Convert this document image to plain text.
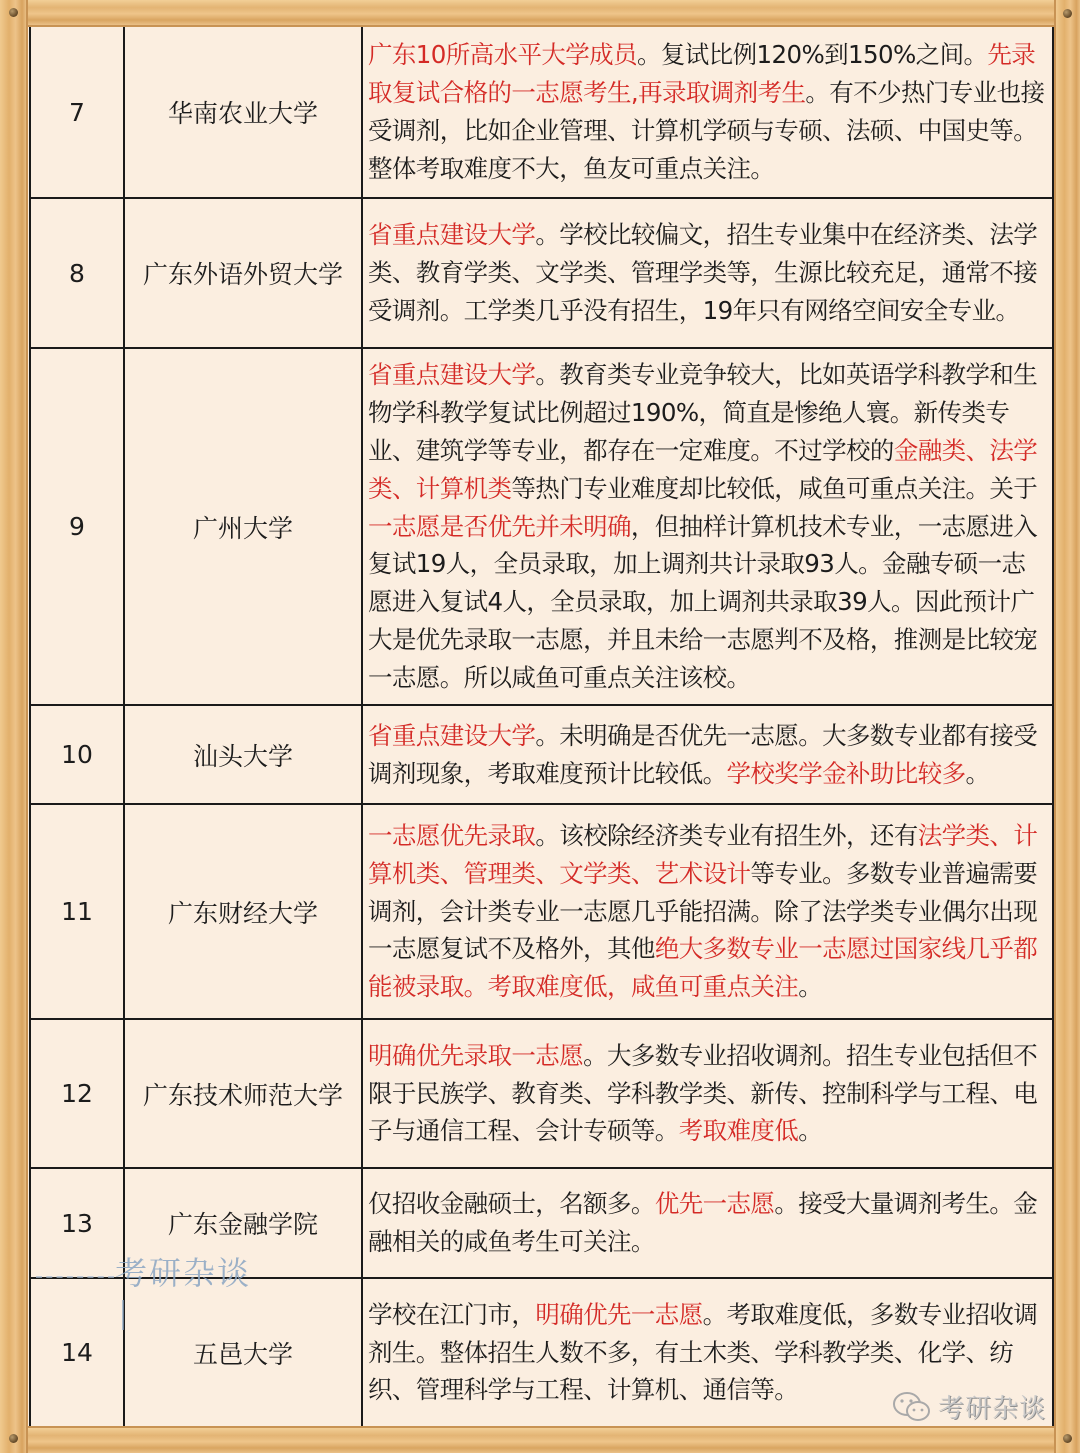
7	华南农业大学	广东10所高水平大学成员。复试比例120%到150%之间。先录取复试合格的一志愿考生,再录取调剂考生。有不少热门专业也接受调剂，比如企业管理、计算机学硕与专硕、法硕、中国史等。整体考取难度不大，鱼友可重点关注。
8	广东外语外贸大学	省重点建设大学。学校比较偏文，招生专业集中在经济类、法学类、教育学类、文学类、管理学类等，生源比较充足，通常不接受调剂。工学类几乎没有招生，19年只有网络空间安全专业。
9	广州大学	省重点建设大学。教育类专业竞争较大，比如英语学科教学和生物学科教学复试比例超过190%，简直是惨绝人寰。新传类专业、建筑学等专业，都存在一定难度。不过学校的金融类、法学类、计算机类等热门专业难度却比较低，咸鱼可重点关注。关于一志愿是否优先并未明确，但抽样计算机技术专业，一志愿进入复试19人，全员录取，加上调剂共计录取93人。金融专硕一志愿进入复试4人，全员录取，加上调剂共录取39人。因此预计广大是优先录取一志愿，并且未给一志愿判不及格，推测是比较宠一志愿。所以咸鱼可重点关注该校。
10	汕头大学	省重点建设大学。未明确是否优先一志愿。大多数专业都有接受调剂现象，考取难度预计比较低。学校奖学金补助比较多。
11	广东财经大学	一志愿优先录取。该校除经济类专业有招生外，还有法学类、计算机类、管理类、文学类、艺术设计等专业。多数专业普遍需要调剂，会计类专业一志愿几乎能招满。除了法学类专业偶尔出现一志愿复试不及格外，其他绝大多数专业一志愿过国家线几乎都能被录取。考取难度低，咸鱼可重点关注。
12	广东技术师范大学	明确优先录取一志愿。大多数专业招收调剂。招生专业包括但不限于民族学、教育类、学科教学类、新传、控制科学与工程、电子与通信工程、会计专硕等。考取难度低。
13	广东金融学院	仅招收金融硕士，名额多。优先一志愿。接受大量调剂考生。金融相关的咸鱼考生可关注。
14	五邑大学	学校在江门市，明确优先一志愿。考取难度低，多数专业招收调剂生。整体招生人数不多，有土木类、学科教学类、化学、纺织、管理科学与工程、计算机、通信等。
考研杂谈
考研杂谈
